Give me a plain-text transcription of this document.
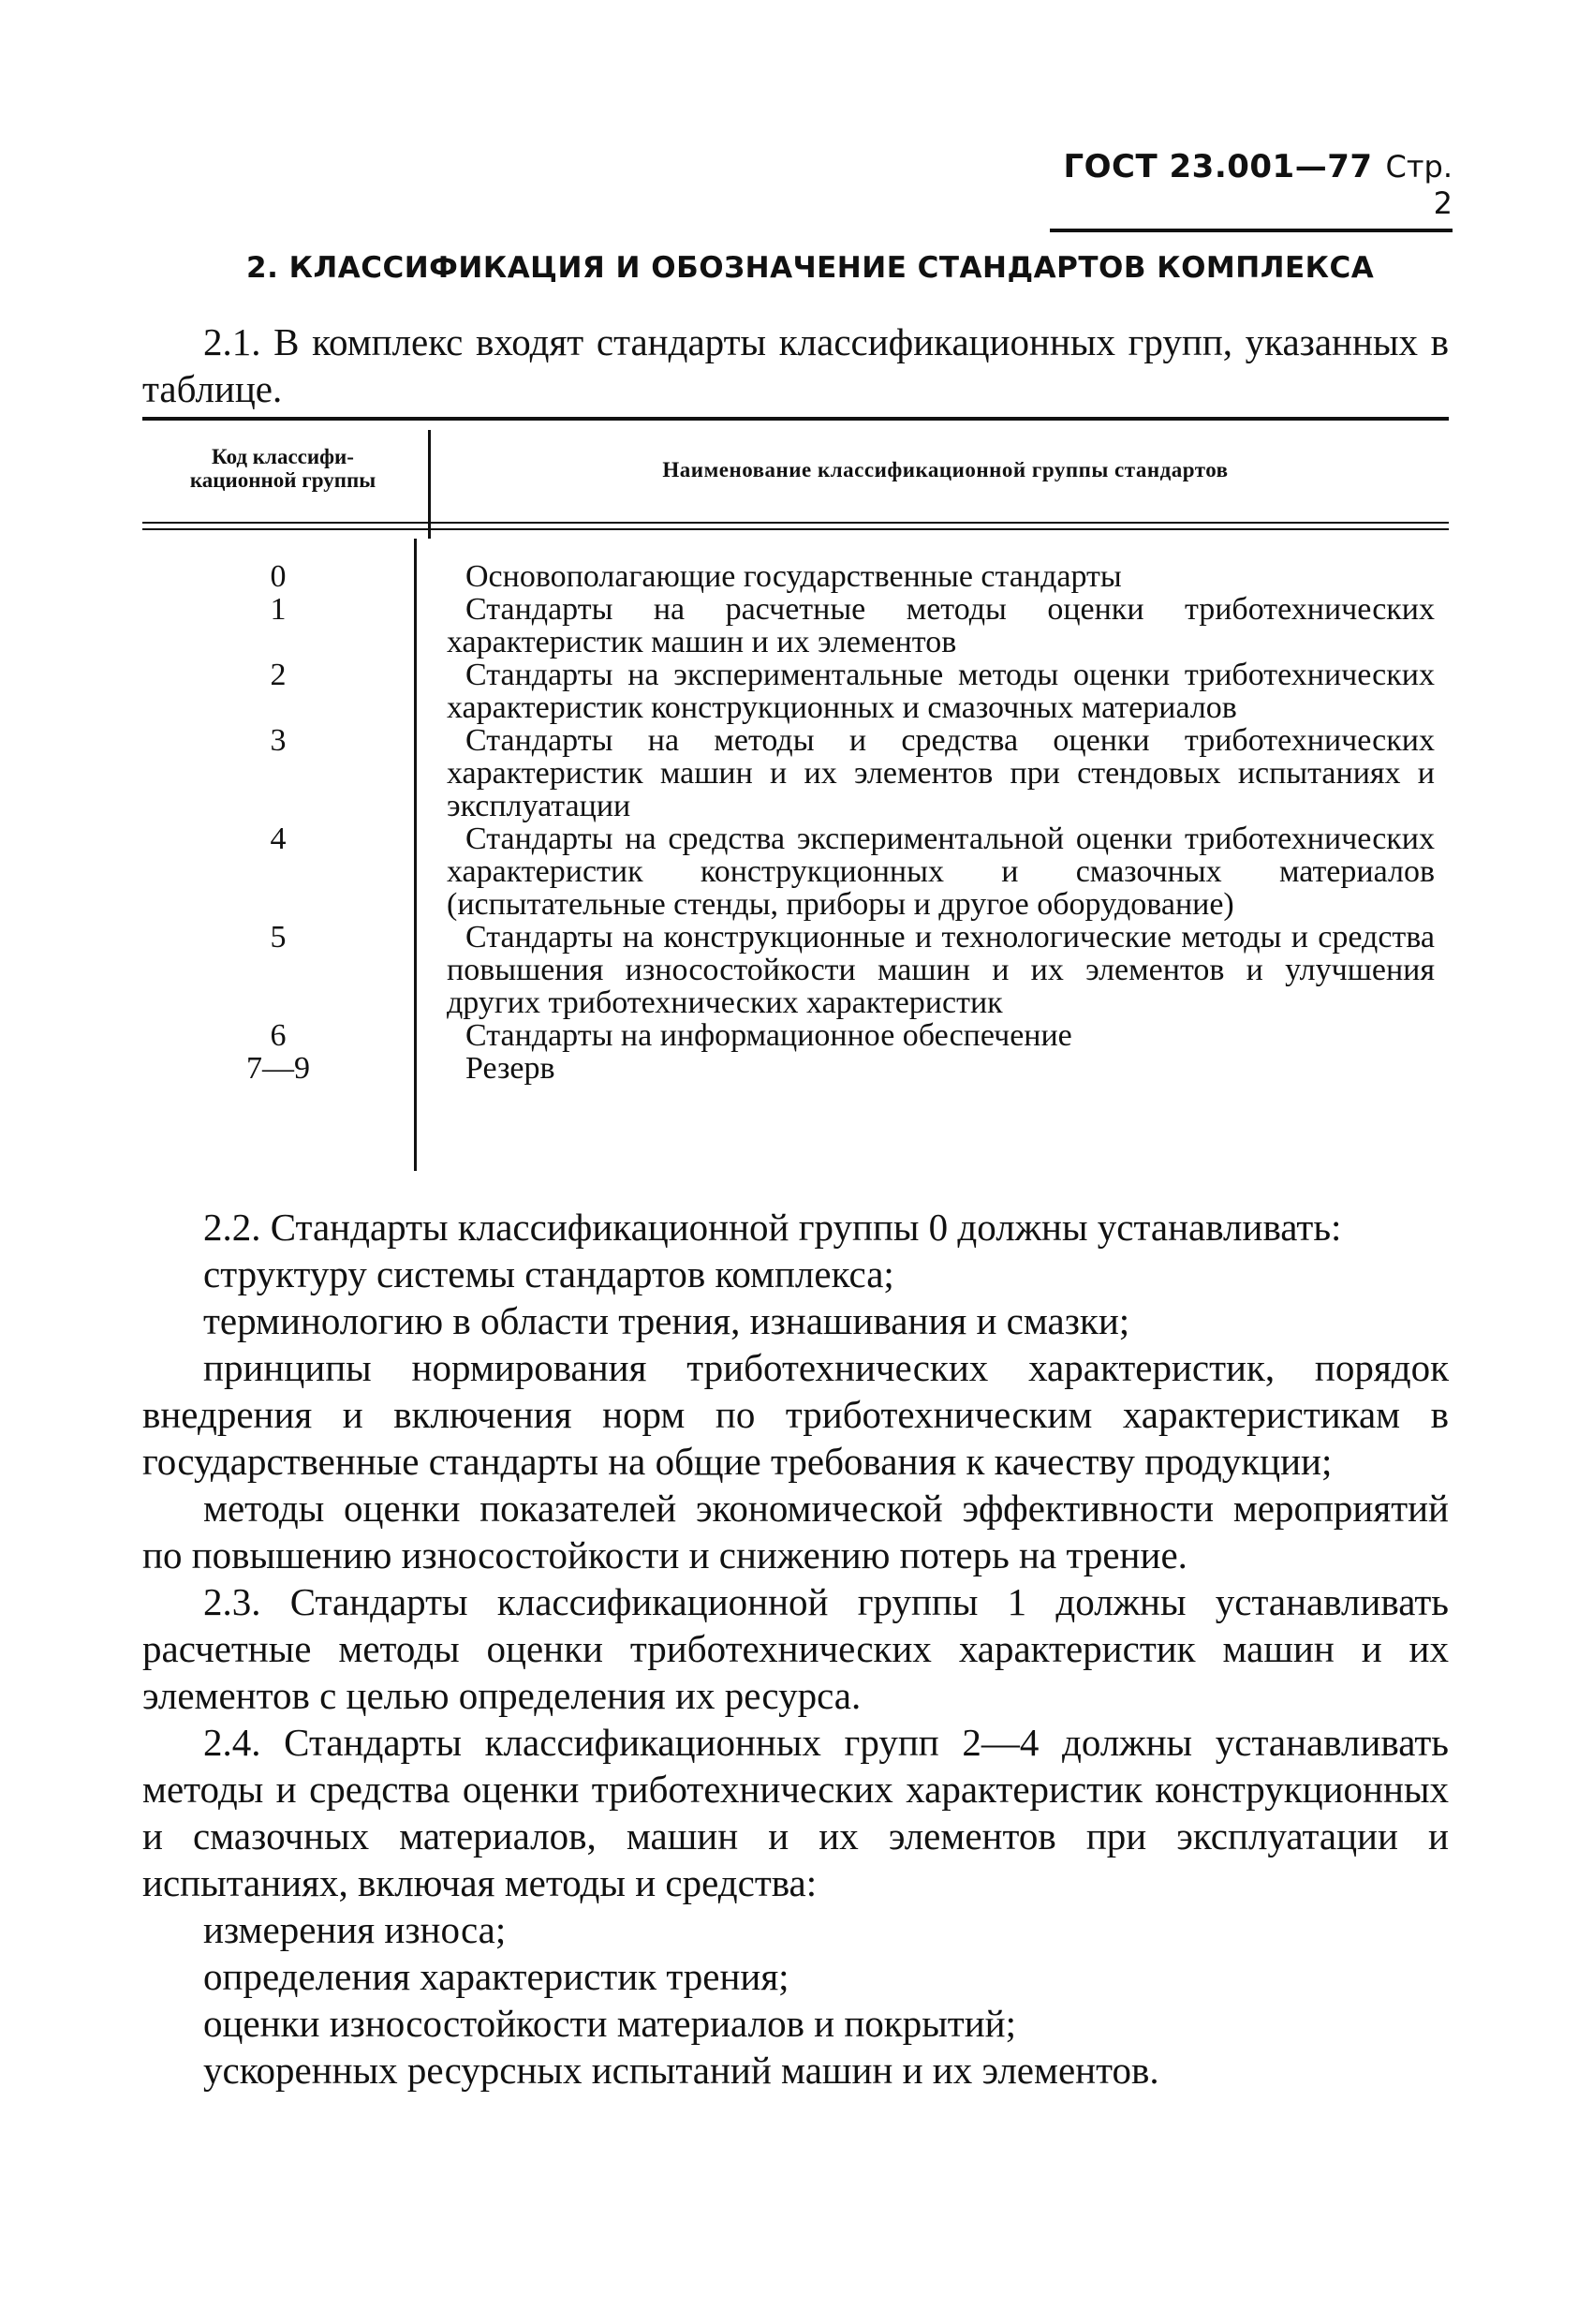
ГОСТ 23.001—77 Стр. 2
2. КЛАССИФИКАЦИЯ И ОБОЗНАЧЕНИЕ СТАНДАРТОВ КОМПЛЕКСА
2.1. В комплекс входят стандарты классификационных групп, указанных в таблице.
Код классифи-
кационной группы	Наименование классификационной группы стандартов
0	Основополагающие государственные стандарты
1	Стандарты на расчетные методы оценки триботехнических характеристик машин и их элементов
2	Стандарты на экспериментальные методы оценки триботехнических характеристик конструкционных и смазочных материалов
3	Стандарты на методы и средства оценки триботехнических характеристик машин и их элементов при стендовых испытаниях и эксплуатации
4	Стандарты на средства экспериментальной оценки триботехнических характеристик конструкционных и смазочных материалов (испытательные стенды, приборы и другое оборудование)
5	Стандарты на конструкционные и технологические методы и средства повышения износостойкости машин и их элементов и улучшения других триботехнических характеристик
6	Стандарты на информационное обеспечение
7—9	Резерв

2.2. Стандарты классификационной группы 0 должны устанавливать:

структуру системы стандартов комплекса;

терминологию в области трения, изнашивания и смазки;

принципы нормирования триботехнических характеристик, порядок внедрения и включения норм по триботехническим характеристикам в государственные стандарты на общие требования к качеству продукции;

методы оценки показателей экономической эффективности мероприятий по повышению износостойкости и снижению потерь на трение.

2.3. Стандарты классификационной группы 1 должны устанавливать расчетные методы оценки триботехнических характеристик машин и их элементов с целью определения их ресурса.

2.4. Стандарты классификационных групп 2—4 должны устанавливать методы и средства оценки триботехнических характеристик конструкционных и смазочных материалов, машин и их элементов при эксплуатации и испытаниях, включая методы и средства:

измерения износа;

определения характеристик трения;

оценки износостойкости материалов и покрытий;

ускоренных ресурсных испытаний машин и их элементов.
